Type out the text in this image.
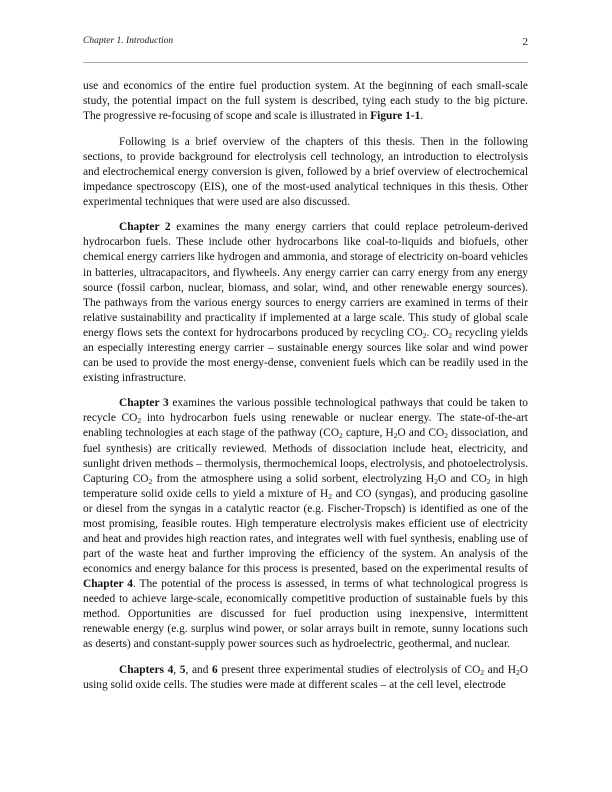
Chapter 1. Introduction	2

use and economics of the entire fuel production system. At the beginning of each small-scale study, the potential impact on the full system is described, tying each study to the big picture. The progressive re-focusing of scope and scale is illustrated in Figure 1-1.

Following is a brief overview of the chapters of this thesis. Then in the following sections, to provide background for electrolysis cell technology, an introduction to electrolysis and electrochemical energy conversion is given, followed by a brief overview of electrochemical impedance spectroscopy (EIS), one of the most-used analytical techniques in this thesis. Other experimental techniques that were used are also discussed.

Chapter 2 examines the many energy carriers that could replace petroleum-derived hydrocarbon fuels. These include other hydrocarbons like coal-to-liquids and biofuels, other chemical energy carriers like hydrogen and ammonia, and storage of electricity on-board vehicles in batteries, ultracapacitors, and flywheels. Any energy carrier can carry energy from any energy source (fossil carbon, nuclear, biomass, and solar, wind, and other renewable energy sources). The pathways from the various energy sources to energy carriers are examined in terms of their relative sustainability and practicality if implemented at a large scale. This study of global scale energy flows sets the context for hydrocarbons produced by recycling $CO_2$. $CO_2$ recycling yields an especially interesting energy carrier – sustainable energy sources like solar and wind power can be used to provide the most energy-dense, convenient fuels which can be readily used in the existing infrastructure.

Chapter 3 examines the various possible technological pathways that could be taken to recycle $CO_2$ into hydrocarbon fuels using renewable or nuclear energy. The state-of-the-art enabling technologies at each stage of the pathway ($CO_2$ capture, $H_2O$ and $CO_2$ dissociation, and fuel synthesis) are critically reviewed. Methods of dissociation include heat, electricity, and sunlight driven methods – thermolysis, thermochemical loops, electrolysis, and photoelectrolysis. Capturing $CO_2$ from the atmosphere using a solid sorbent, electrolyzing $H_2O$ and $CO_2$ in high temperature solid oxide cells to yield a mixture of $H_2$ and CO (syngas), and producing gasoline or diesel from the syngas in a catalytic reactor (e.g. Fischer-Tropsch) is identified as one of the most promising, feasible routes. High temperature electrolysis makes efficient use of electricity and heat and provides high reaction rates, and integrates well with fuel synthesis, enabling use of part of the waste heat and further improving the efficiency of the system. An analysis of the economics and energy balance for this process is presented, based on the experimental results of Chapter 4. The potential of the process is assessed, in terms of what technological progress is needed to achieve large-scale, economically competitive production of sustainable fuels by this method. Opportunities are discussed for fuel production using inexpensive, intermittent renewable energy (e.g. surplus wind power, or solar arrays built in remote, sunny locations such as deserts) and constant-supply power sources such as hydroelectric, geothermal, and nuclear.

Chapters 4, 5, and 6 present three experimental studies of electrolysis of $CO_2$ and $H_2O$ using solid oxide cells. The studies were made at different scales – at the cell level, electrode
